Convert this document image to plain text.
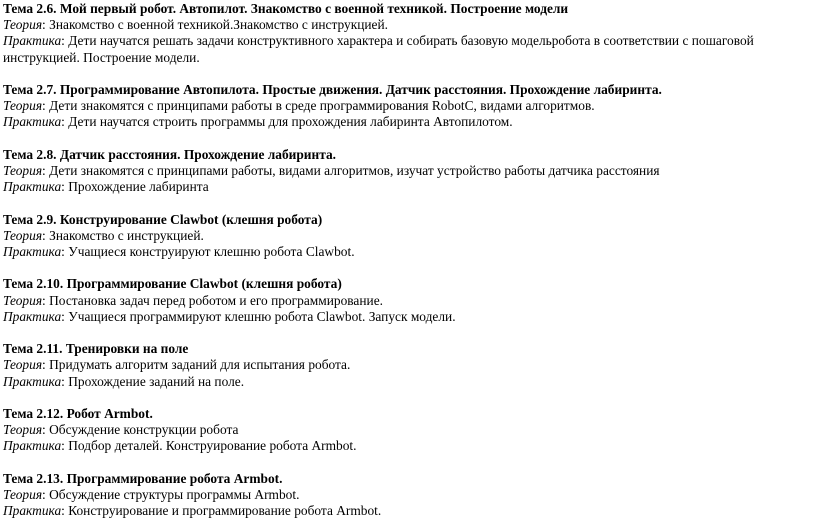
Тема 2.6. Мой первый робот. Автопилот. Знакомство с военной техникой. Построение модели
Теория: Знакомство с военной техникой.Знакомство с инструкцией.
Практика: Дети научатся решать задачи конструктивного характера и собирать базовую модельробота в соответствии с пошаговой инструкцией. Построение модели.
Тема 2.7. Программирование Автопилота. Простые движения. Датчик расстояния. Прохождение лабиринта.
Теория: Дети знакомятся с принципами работы в среде программирования RobotC, видами алгоритмов.
Практика: Дети научатся строить программы для прохождения лабиринта Автопилотом.
Тема 2.8. Датчик расстояния. Прохождение лабиринта.
Теория: Дети знакомятся с принципами работы, видами алгоритмов, изучат устройство работы датчика расстояния
Практика: Прохождение лабиринта
Тема 2.9. Конструирование Clawbot (клешня робота)
Теория: Знакомство с инструкцией.
Практика: Учащиеся конструируют клешню робота Clawbot.
Тема 2.10. Программирование Clawbot (клешня робота)
Теория: Постановка задач перед роботом и его программирование.
Практика: Учащиеся программируют клешню робота Clawbot. Запуск модели.
Тема 2.11. Тренировки на поле
Теория: Придумать алгоритм заданий для испытания робота.
Практика: Прохождение заданий на поле.
Тема 2.12. Робот Armbot.
Теория: Обсуждение конструкции робота
Практика: Подбор деталей. Конструирование робота Armbot.
Тема 2.13. Программирование робота Armbot.
Теория: Обсуждение структуры программы Armbot.
Практика: Конструирование и программирование робота Armbot.
